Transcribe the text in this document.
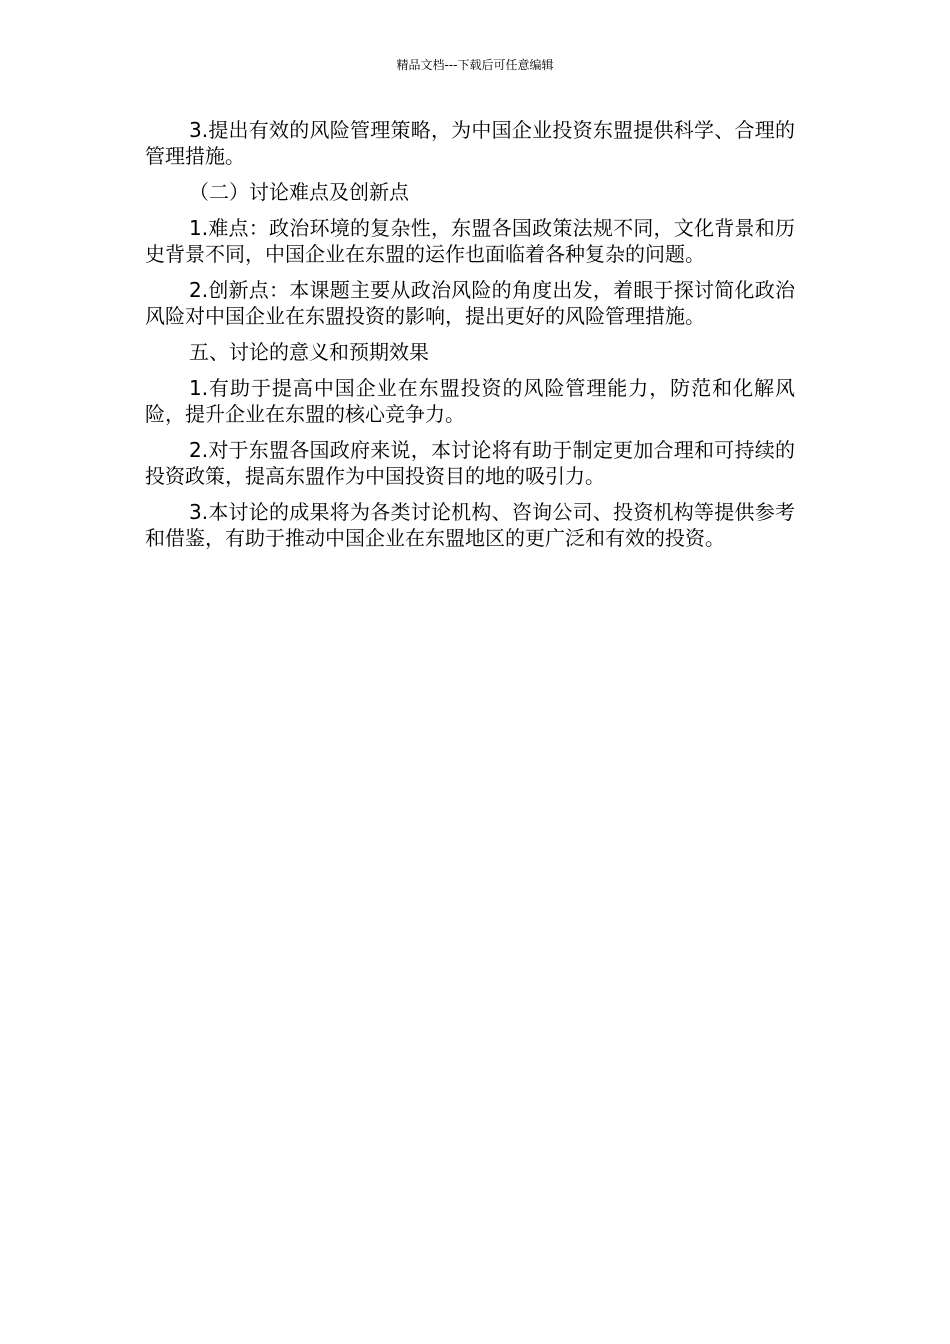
精品文档---下载后可任意编辑

3.提出有效的风险管理策略，为中国企业投资东盟提供科学、合理的管理措施。

（二）讨论难点及创新点

1.难点：政治环境的复杂性，东盟各国政策法规不同，文化背景和历史背景不同，中国企业在东盟的运作也面临着各种复杂的问题。

2.创新点：本课题主要从政治风险的角度出发，着眼于探讨简化政治风险对中国企业在东盟投资的影响，提出更好的风险管理措施。

五、讨论的意义和预期效果

1.有助于提高中国企业在东盟投资的风险管理能力，防范和化解风险，提升企业在东盟的核心竞争力。

2.对于东盟各国政府来说，本讨论将有助于制定更加合理和可持续的投资政策，提高东盟作为中国投资目的地的吸引力。

3.本讨论的成果将为各类讨论机构、咨询公司、投资机构等提供参考和借鉴，有助于推动中国企业在东盟地区的更广泛和有效的投资。
